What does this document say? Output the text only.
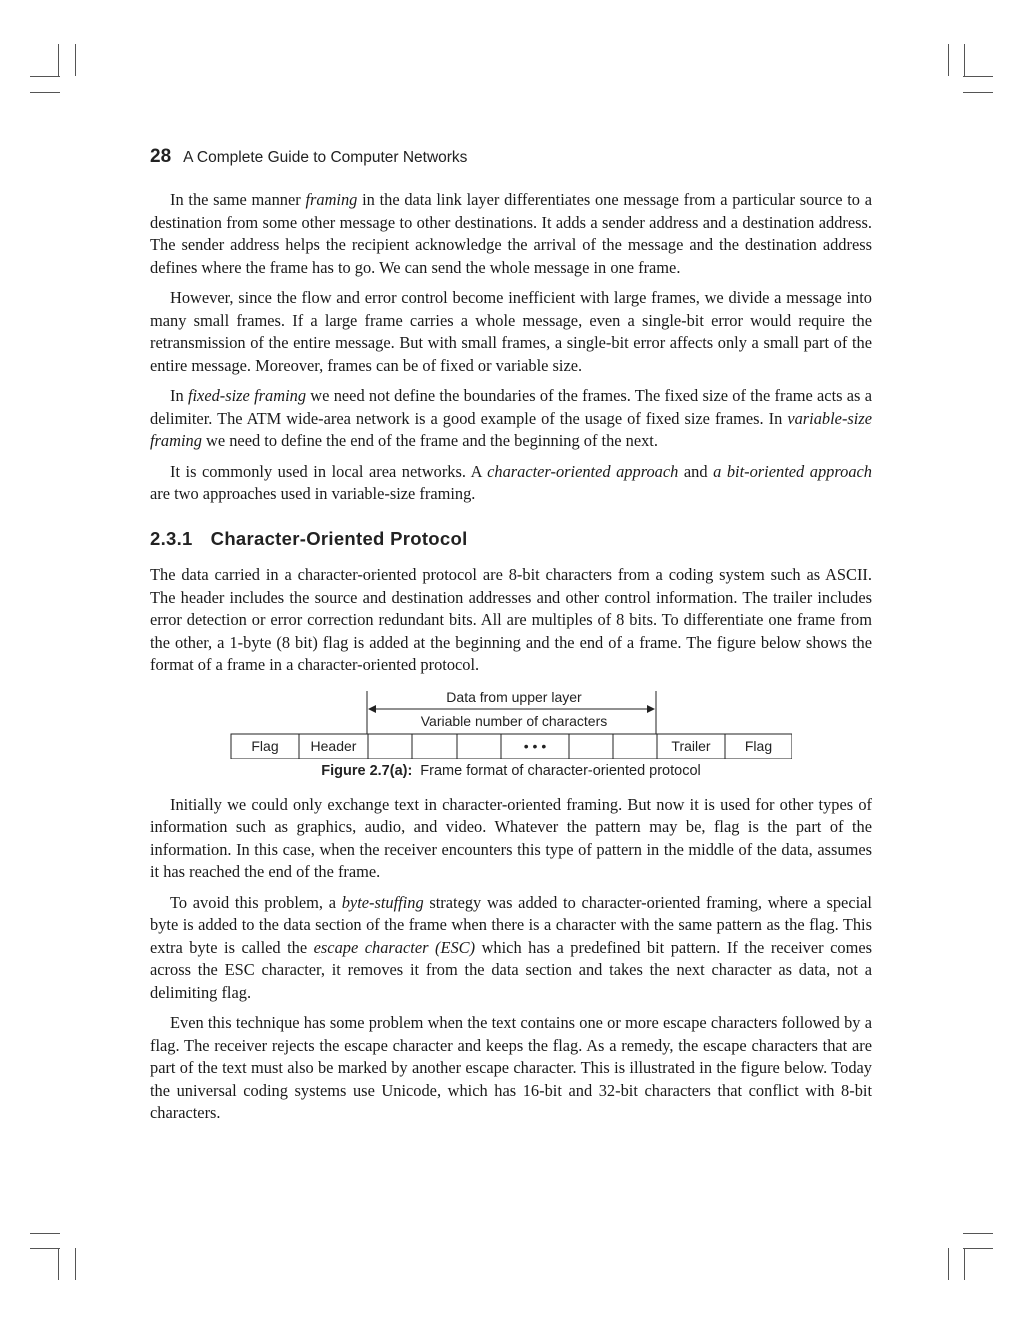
28 A Complete Guide to Computer Networks

In the same manner framing in the data link layer differentiates one message from a particular source to a destination from some other message to other destinations. It adds a sender address and a destination address. The sender address helps the recipient acknowledge the arrival of the message and the destination address defines where the frame has to go. We can send the whole message in one frame.

However, since the flow and error control become inefficient with large frames, we divide a message into many small frames. If a large frame carries a whole message, even a single-bit error would require the retransmission of the entire message. But with small frames, a single-bit error affects only a small part of the entire message. Moreover, frames can be of fixed or variable size.

In fixed-size framing we need not define the boundaries of the frames. The fixed size of the frame acts as a delimiter. The ATM wide-area network is a good example of the usage of fixed size frames. In variable-size framing we need to define the end of the frame and the beginning of the next.

It is commonly used in local area networks. A character-oriented approach and a bit-oriented approach are two approaches used in variable-size framing.

2.3.1 Character-Oriented Protocol

The data carried in a character-oriented protocol are 8-bit characters from a coding system such as ASCII. The header includes the source and destination addresses and other control information. The trailer includes error detection or error correction redundant bits. All are multiples of 8 bits. To differentiate one frame from the other, a 1-byte (8 bit) flag is added at the beginning and the end of a frame. The figure below shows the format of a frame in a character-oriented protocol.

Data from upper layer
Variable number of characters
Flag Header	• • •	Trailer Flag
Figure 2.7(a): Frame format of character-oriented protocol

Initially we could only exchange text in character-oriented framing. But now it is used for other types of information such as graphics, audio, and video. Whatever the pattern may be, flag is the part of the information. In this case, when the receiver encounters this type of pattern in the middle of the data, assumes it has reached the end of the frame.

To avoid this problem, a byte-stuffing strategy was added to character-oriented framing, where a special byte is added to the data section of the frame when there is a character with the same pattern as the flag. This extra byte is called the escape character (ESC) which has a predefined bit pattern. If the receiver comes across the ESC character, it removes it from the data section and takes the next character as data, not a delimiting flag.

Even this technique has some problem when the text contains one or more escape characters followed by a flag. The receiver rejects the escape character and keeps the flag. As a remedy, the escape characters that are part of the text must also be marked by another escape character. This is illustrated in the figure below. Today the universal coding systems use Unicode, which has 16-bit and 32-bit characters that conflict with 8-bit characters.
